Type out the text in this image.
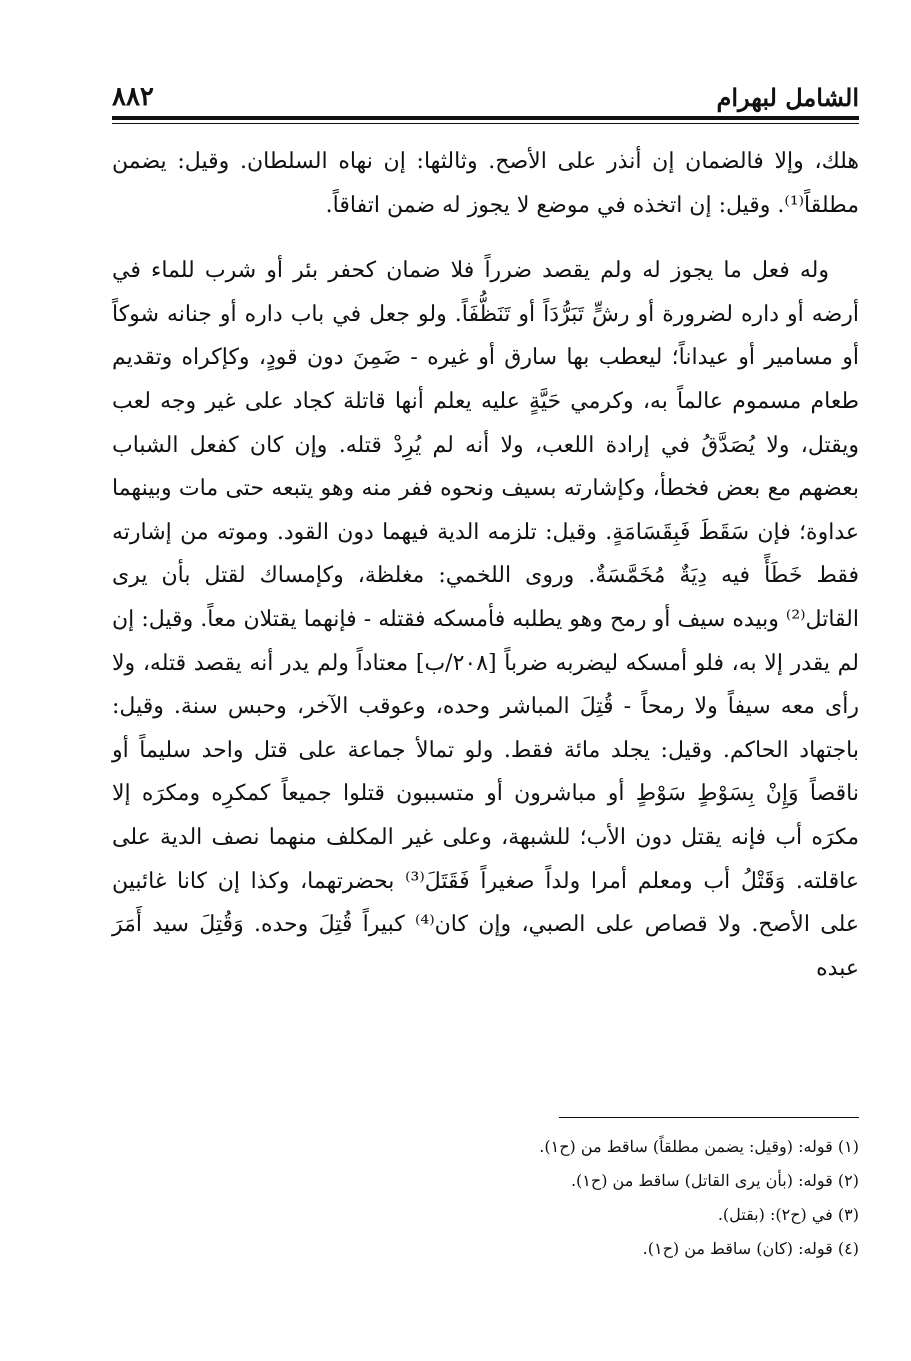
٨٨٢	الشامل لبهرام

هلك، وإلا فالضمان إن أنذر على الأصح. وثالثها: إن نهاه السلطان. وقيل: يضمن مطلقاً⁽¹⁾. وقيل: إن اتخذه في موضع لا يجوز له ضمن اتفاقاً.

وله فعل ما يجوز له ولم يقصد ضرراً فلا ضمان كحفر بئر أو شرب للماء في أرضه أو داره لضرورة أو رشٍّ تَبَرُّدَاً أو تَنَظُّفَاً. ولو جعل في باب داره أو جنانه شوكاً أو مسامير أو عيداناً؛ ليعطب بها سارق أو غيره - ضَمِنَ دون قودٍ، وكإكراه وتقديم طعام مسموم عالماً به، وكرمي حَيَّةٍ عليه يعلم أنها قاتلة كجاد على غير وجه لعب ويقتل، ولا يُصَدَّقُ في إرادة اللعب، ولا أنه لم يُرِدْ قتله. وإن كان كفعل الشباب بعضهم مع بعض فخطأ، وكإشارته بسيف ونحوه ففر منه وهو يتبعه حتى مات وبينهما عداوة؛ فإن سَقَطَ فَبِقَسَامَةٍ. وقيل: تلزمه الدية فيهما دون القود. وموته من إشارته فقط خَطَأً فيه دِيَةٌ مُخَمَّسَةٌ. وروى اللخمي: مغلظة، وكإمساك لقتل بأن يرى القاتل⁽²⁾ وبيده سيف أو رمح وهو يطلبه فأمسكه فقتله - فإنهما يقتلان معاً. وقيل: إن لم يقدر إلا به، فلو أمسكه ليضربه ضرباً [٢٠٨/ب] معتاداً ولم يدر أنه يقصد قتله، ولا رأى معه سيفاً ولا رمحاً - قُتِلَ المباشر وحده، وعوقب الآخر، وحبس سنة. وقيل: باجتهاد الحاكم. وقيل: يجلد مائة فقط. ولو تمالأ جماعة على قتل واحد سليماً أو ناقصاً وَإِنْ بِسَوْطٍ سَوْطٍ أو مباشرون أو متسببون قتلوا جميعاً كمكرِه ومكرَه إلا مكرَه أب فإنه يقتل دون الأب؛ للشبهة، وعلى غير المكلف منهما نصف الدية على عاقلته. وَقَتْلُ أب ومعلم أمرا ولداً صغيراً فَقَتَلَ⁽³⁾ بحضرتهما، وكذا إن كانا غائبين على الأصح. ولا قصاص على الصبي، وإن كان⁽⁴⁾ كبيراً قُتِلَ وحده. وَقُتِلَ سيد أَمَرَ عبده

(١) قوله: (وقيل: يضمن مطلقاً) ساقط من (ح١).
(٢) قوله: (بأن يرى القاتل) ساقط من (ح١).
(٣) في (ح٢): (بقتل).
(٤) قوله: (كان) ساقط من (ح١).
